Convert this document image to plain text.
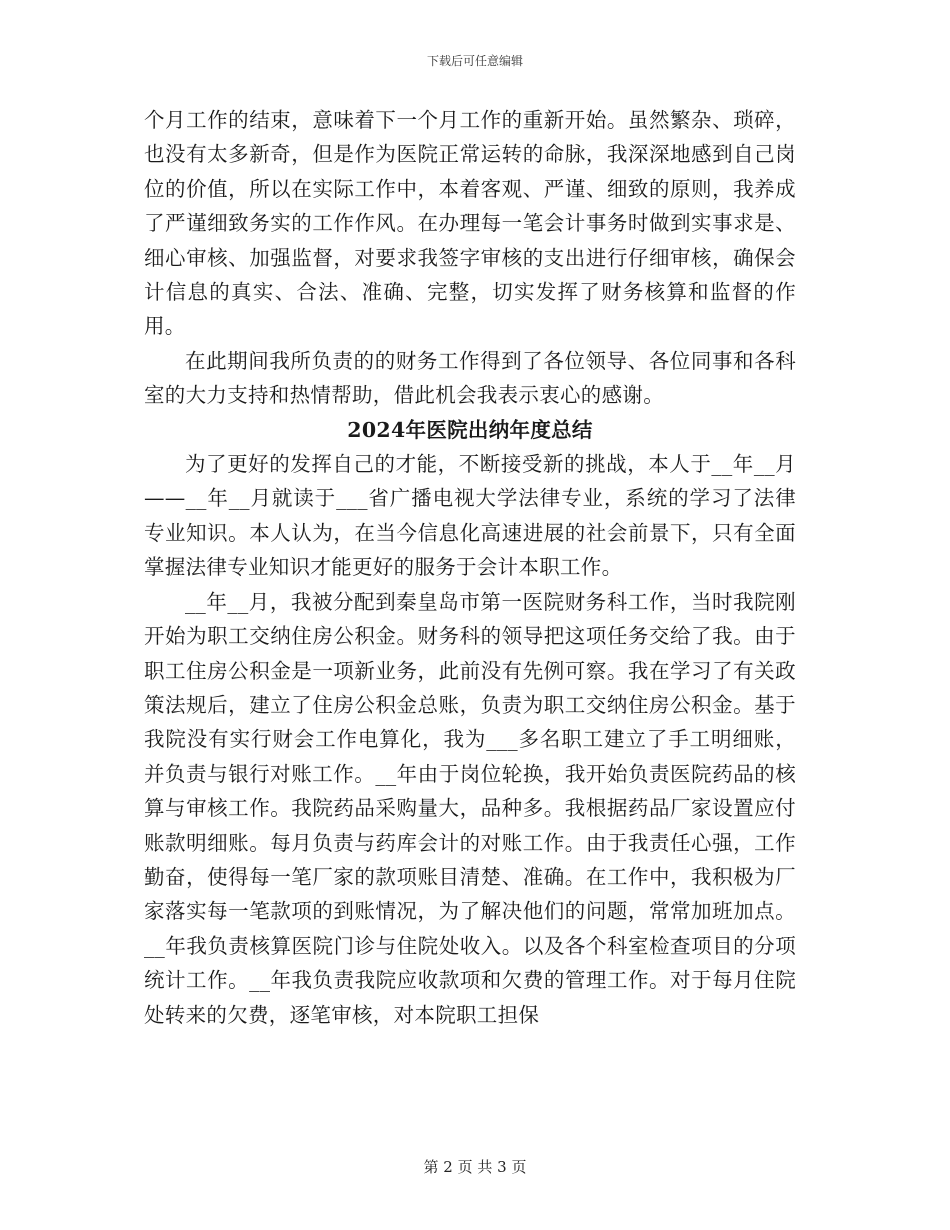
下载后可任意编辑

个月工作的结束，意味着下一个月工作的重新开始。虽然繁杂、琐碎，也没有太多新奇，但是作为医院正常运转的命脉，我深深地感到自己岗位的价值，所以在实际工作中，本着客观、严谨、细致的原则，我养成了严谨细致务实的工作作风。在办理每一笔会计事务时做到实事求是、细心审核、加强监督，对要求我签字审核的支出进行仔细审核，确保会计信息的真实、合法、准确、完整，切实发挥了财务核算和监督的作用。

在此期间我所负责的的财务工作得到了各位领导、各位同事和各科室的大力支持和热情帮助，借此机会我表示衷心的感谢。

2024年医院出纳年度总结

为了更好的发挥自己的才能，不断接受新的挑战，本人于__年__月——__年__月就读于___省广播电视大学法律专业，系统的学习了法律专业知识。本人认为，在当今信息化高速进展的社会前景下，只有全面掌握法律专业知识才能更好的服务于会计本职工作。

__年__月，我被分配到秦皇岛市第一医院财务科工作，当时我院刚开始为职工交纳住房公积金。财务科的领导把这项任务交给了我。由于职工住房公积金是一项新业务，此前没有先例可察。我在学习了有关政策法规后，建立了住房公积金总账，负责为职工交纳住房公积金。基于我院没有实行财会工作电算化，我为___多名职工建立了手工明细账，并负责与银行对账工作。__年由于岗位轮换，我开始负责医院药品的核算与审核工作。我院药品采购量大，品种多。我根据药品厂家设置应付账款明细账。每月负责与药库会计的对账工作。由于我责任心强，工作勤奋，使得每一笔厂家的款项账目清楚、准确。在工作中，我积极为厂家落实每一笔款项的到账情况，为了解决他们的问题，常常加班加点。__年我负责核算医院门诊与住院处收入。以及各个科室检查项目的分项统计工作。__年我负责我院应收款项和欠费的管理工作。对于每月住院处转来的欠费，逐笔审核，对本院职工担保

第 2 页 共 3 页
